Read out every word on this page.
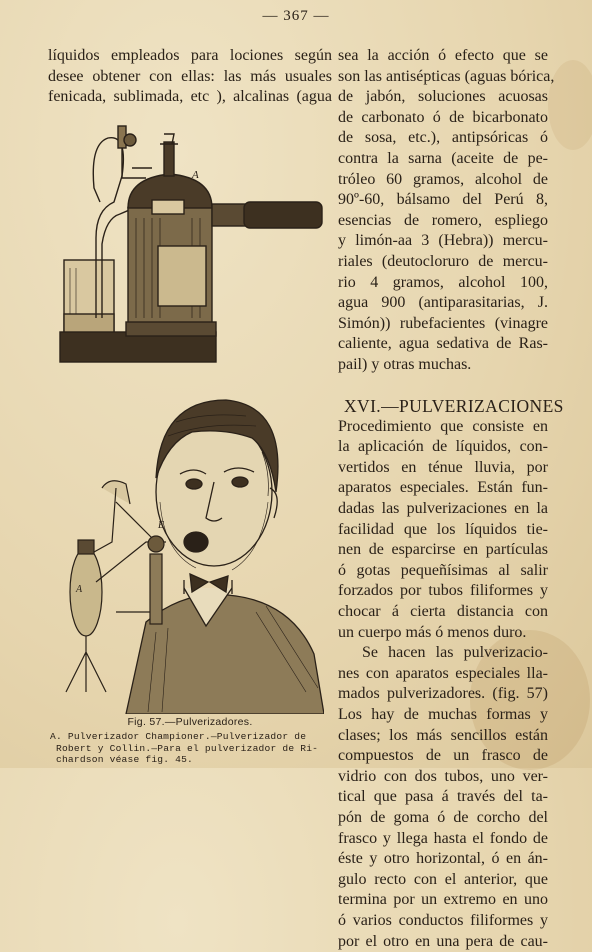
— 367 —
líquidos empleados para lociones según
desee obtener con ellas: las más usuales
fenicada, sublimada, etc ), alcalinas (agua
sea la acción ó efecto que se
son las antisépticas (aguas bórica,
de jabón, soluciones acuosas
de carbonato ó de bicarbonato
de sosa, etc.), antipsóricas ó
contra la sarna (aceite de pe-
tróleo 60 gramos, alcohol de
90º-60, bálsamo del Perú 8,
esencias de romero, espliego
y limón-aa 3 (Hebra)) mercu-
riales (deutocloruro de mercu-
rio 4 gramos, alcohol 100,
agua 900 (antiparasitarias, J.
Simón)) rubefacientes (vinagre
caliente, agua sedativa de Ras-
pail) y otras muchas.
XVI.—PULVERIZACIONES
Procedimiento que consiste en
la aplicación de líquidos, con-
vertidos en ténue lluvia, por
aparatos especiales. Están fun-
dadas las pulverizaciones en la
facilidad que los líquidos tie-
nen de esparcirse en partículas
ó gotas pequeñísimas al salir
forzados por tubos filiformes y
chocar á cierta distancia con
un cuerpo más ó menos duro.
Se hacen las pulverizacio-
nes con aparatos especiales lla-
mados pulverizadores. (fig. 57)
Los hay de muchas formas y
clases; los más sencillos están
compuestos de un frasco de
vidrio con dos tubos, uno ver-
tical que pasa á través del ta-
pón de goma ó de corcho del
frasco y llega hasta el fondo de
éste y otro horizontal, ó en án-
gulo recto con el anterior, que
termina por un extremo en uno
ó varios conductos filiformes y
por el otro en una pera de cau-
A
A
E
Fig. 57.—Pulverizadores.
A. Pulverizador Championer.—Pulverizador de
Robert y Collin.—Para el pulverizador de Ri-
chardson véase fig. 45.
